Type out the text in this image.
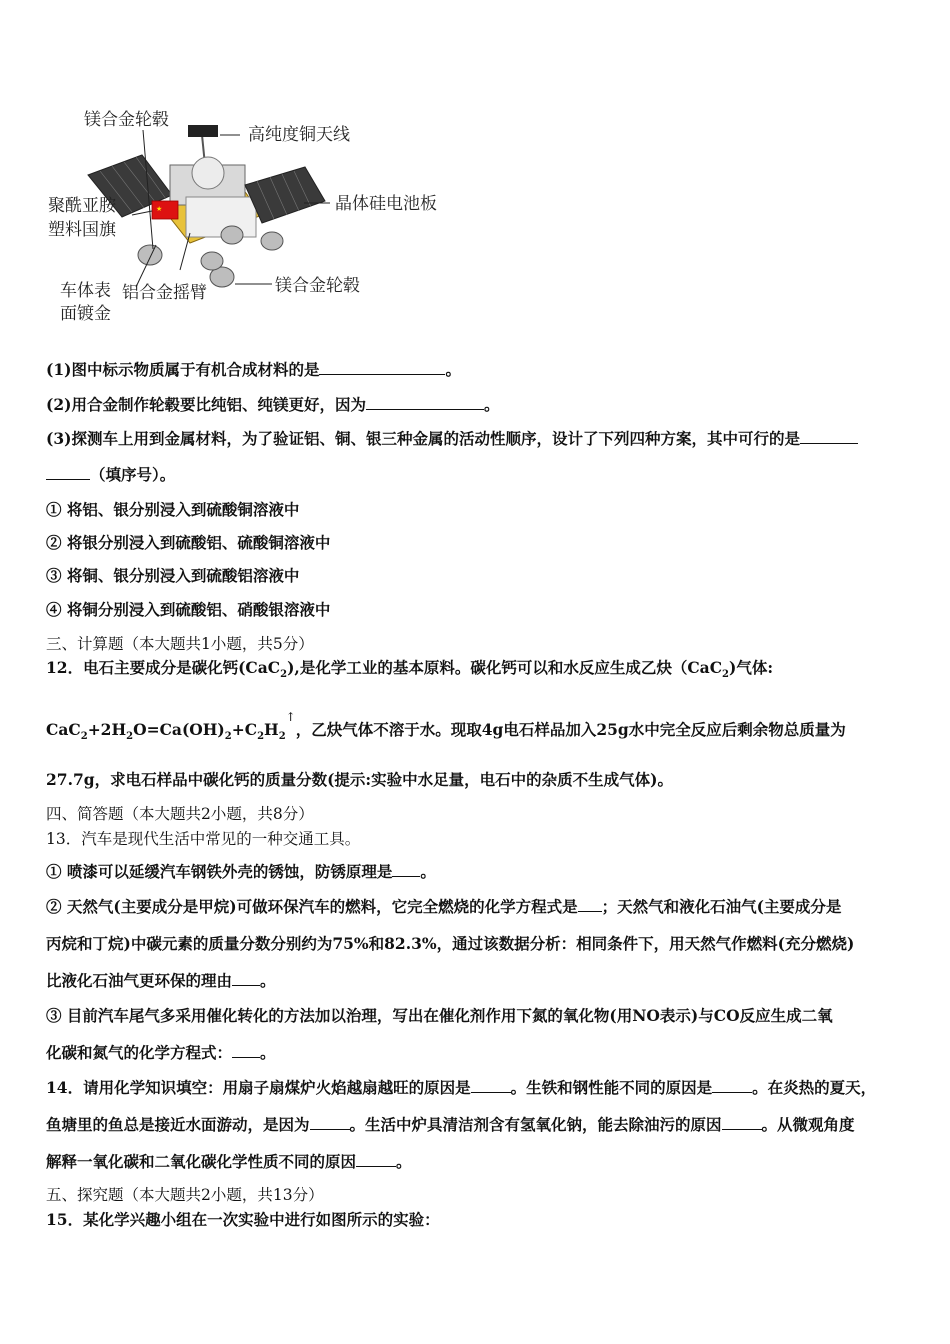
★
镁合金轮毂
高纯度铜天线
聚酰亚胺
塑料国旗
晶体硅电池板
车体表
面镀金
铝合金摇臂	镁合金轮毂
(1)图中标示物质属于有机合成材料的是	。
(2)用合金制作轮毂要比纯铝、纯镁更好，因为	。
(3)探测车上用到金属材料，为了验证铝、铜、银三种金属的活动性顺序，设计了下列四种方案，其中可行的是
（填序号）。
① 将铝、银分别浸入到硫酸铜溶液中
② 将银分别浸入到硫酸铝、硫酸铜溶液中
③ 将铜、银分别浸入到硫酸铝溶液中
④ 将铜分别浸入到硫酸铝、硝酸银溶液中
三、计算题（本大题共1小题，共5分）
12．电石主要成分是碳化钙(CaC$_2$),是化学工业的基本原料。碳化钙可以和水反应生成乙炔（CaC$_2$)气体:
$CaC_2+2H_2O=Ca(OH)_2+C_2H_2^↑$，乙炔气体不溶于水。现取4g电石样品加入25g水中完全反应后剩余物总质量为
27.7g，求电石样品中碳化钙的质量分数(提示:实验中水足量，电石中的杂质不生成气体)。
四、简答题（本大题共2小题，共8分）
13．汽车是现代生活中常见的一种交通工具。
① 喷漆可以延缓汽车钢铁外壳的锈蚀，防锈原理是 。
② 天然气(主要成分是甲烷)可做环保汽车的燃料，它完全燃烧的化学方程式是 ；天然气和液化石油气(主要成分是
丙烷和丁烷)中碳元素的质量分数分别约为75%和82.3%，通过该数据分析：相同条件下，用天然气作燃料(充分燃烧)
比液化石油气更环保的理由 。
③ 目前汽车尾气多采用催化转化的方法加以治理，写出在催化剂作用下氮的氧化物(用NO表示)与CO反应生成二氧
化碳和氮气的化学方程式： 。
14．请用化学知识填空：用扇子扇煤炉火焰越扇越旺的原因是	。生铁和钢性能不同的原因是	。在炎热的夏天，
鱼塘里的鱼总是接近水面游动，是因为	。生活中炉具清洁剂含有氢氧化钠，能去除油污的原因	。从微观角度
解释一氧化碳和二氧化碳化学性质不同的原因	。
五、探究题（本大题共2小题，共13分）
15．某化学兴趣小组在一次实验中进行如图所示的实验：
